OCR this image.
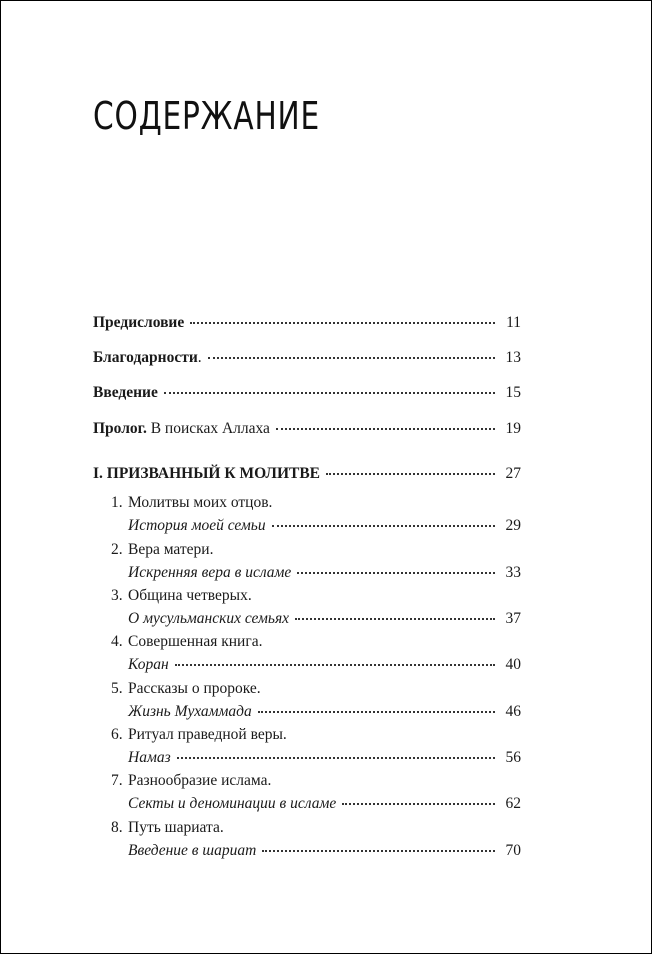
СОДЕРЖАНИЕ
Предисловие	11
Благодарности .	13
Введение	15
Пролог. В поисках Аллаха	19
I. ПРИЗВАННЫЙ К МОЛИТВЕ	27
1. Молитвы моих отцов.
История моей семьи	29
2. Вера матери.
Искренняя вера в исламе	33
3. Община четверых.
О мусульманских семьях	37
4. Совершенная книга.
Коран	40
5. Рассказы о пророке.
Жизнь Мухаммада	46
6. Ритуал праведной веры.
Намаз	56
7. Разнообразие ислама.
Секты и деноминации в исламе	62
8. Путь шариата.
Введение в шариат	70
